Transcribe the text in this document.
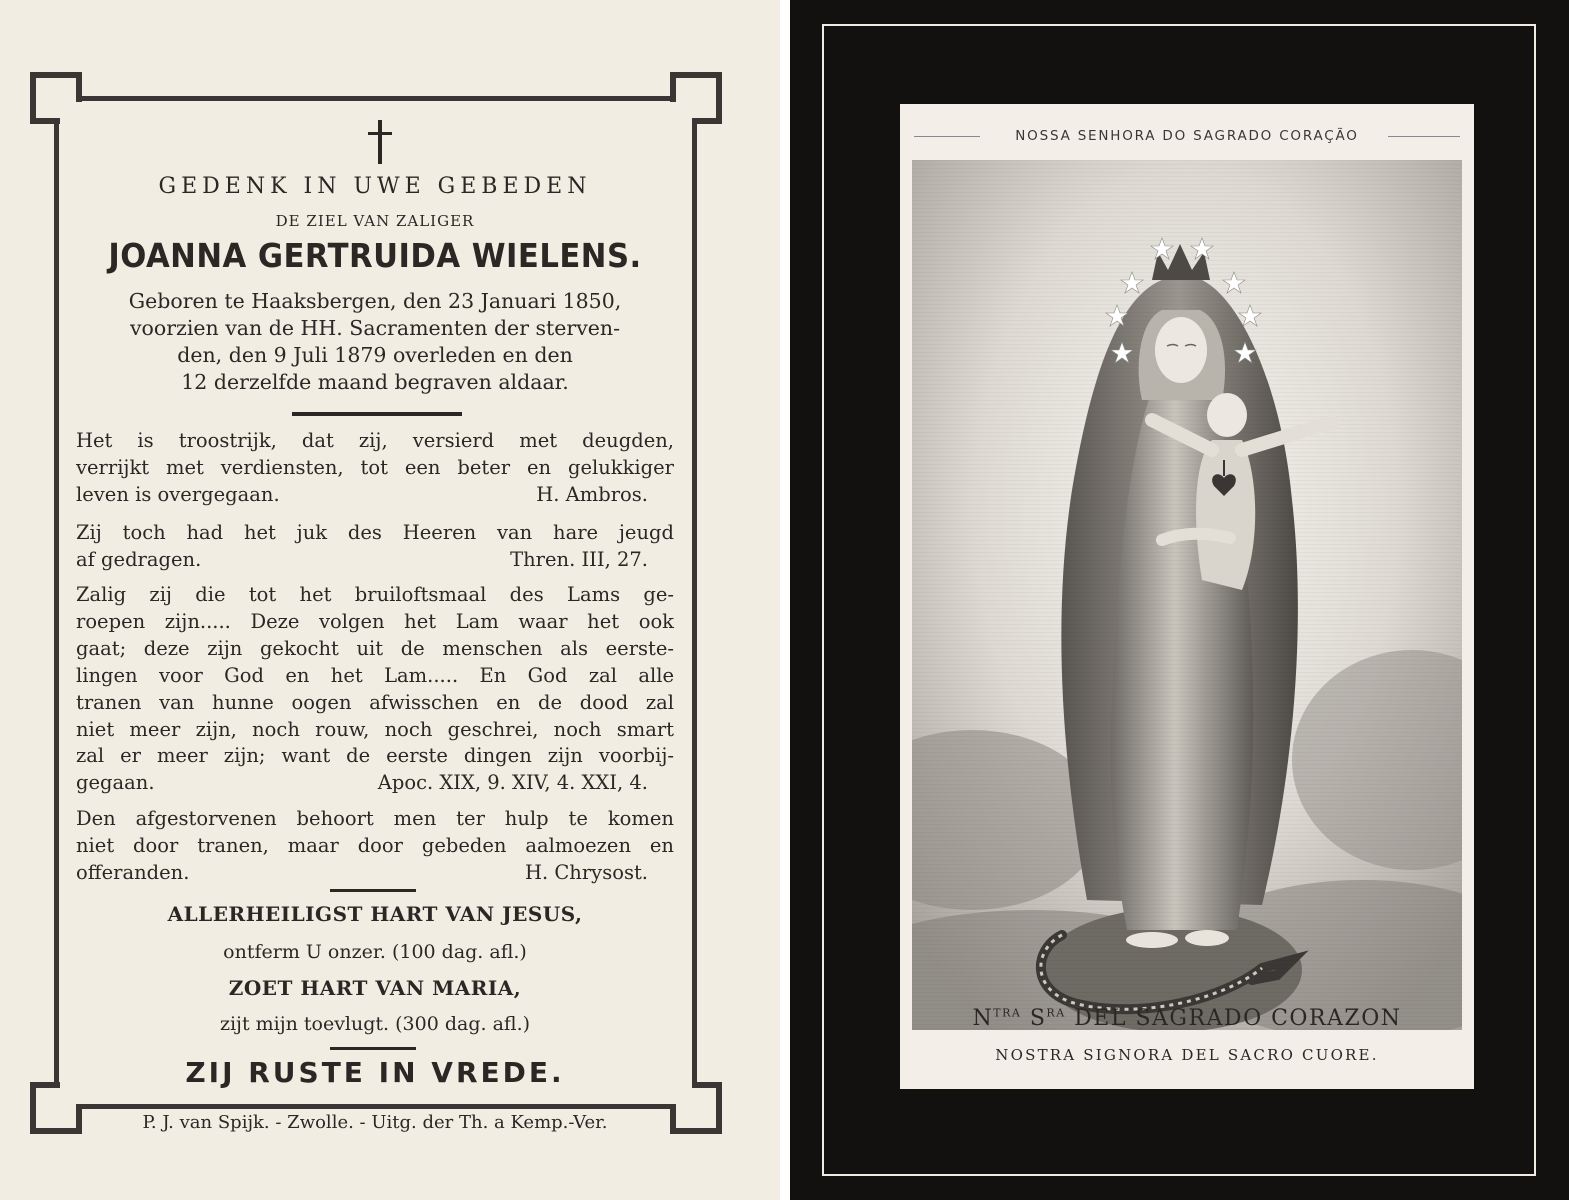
GEDENK IN UWE GEBEDEN
DE ZIEL VAN ZALIGER
JOANNA GERTRUIDA WIELENS.
Geboren te Haaksbergen, den 23 Januari 1850,
voorzien van de HH. Sacramenten der sterven-
den, den 9 Juli 1879 overleden en den
12 derzelfde maand begraven aldaar.
Het is troostrijk, dat zij, versierd met deugden,
verrijkt met verdiensten, tot een beter en gelukkiger
leven is overgegaan.	H. Ambros.
Zij toch had het juk des Heeren van hare jeugd
af gedragen.	Thren. III, 27.
Zalig zij die tot het bruiloftsmaal des Lams ge-
roepen zijn..... Deze volgen het Lam waar het ook
gaat; deze zijn gekocht uit de menschen als eerste-
lingen voor God en het Lam..... En God zal alle
tranen van hunne oogen afwisschen en de dood zal
niet meer zijn, noch rouw, noch geschrei, noch smart
zal er meer zijn; want de eerste dingen zijn voorbij-
gegaan.	Apoc. XIX, 9. XIV, 4. XXI, 4.
Den afgestorvenen behoort men ter hulp te komen
niet door tranen, maar door gebeden aalmoezen en
offeranden.	H. Chrysost.
ALLERHEILIGST HART VAN JESUS,
ontferm U onzer. (100 dag. afl.)
ZOET HART VAN MARIA,
zijt mijn toevlugt. (300 dag. afl.)
ZIJ RUSTE IN VREDE.
P. J. van Spijk. - Zwolle. - Uitg. der Th. a Kemp.-Ver.
NOSSA SENHORA DO SAGRADO CORAÇÃO
$N^{TRA}$ $S^{RA}$ DEL SAGRADO CORAZON
NOSTRA SIGNORA DEL SACRO CUORE.
